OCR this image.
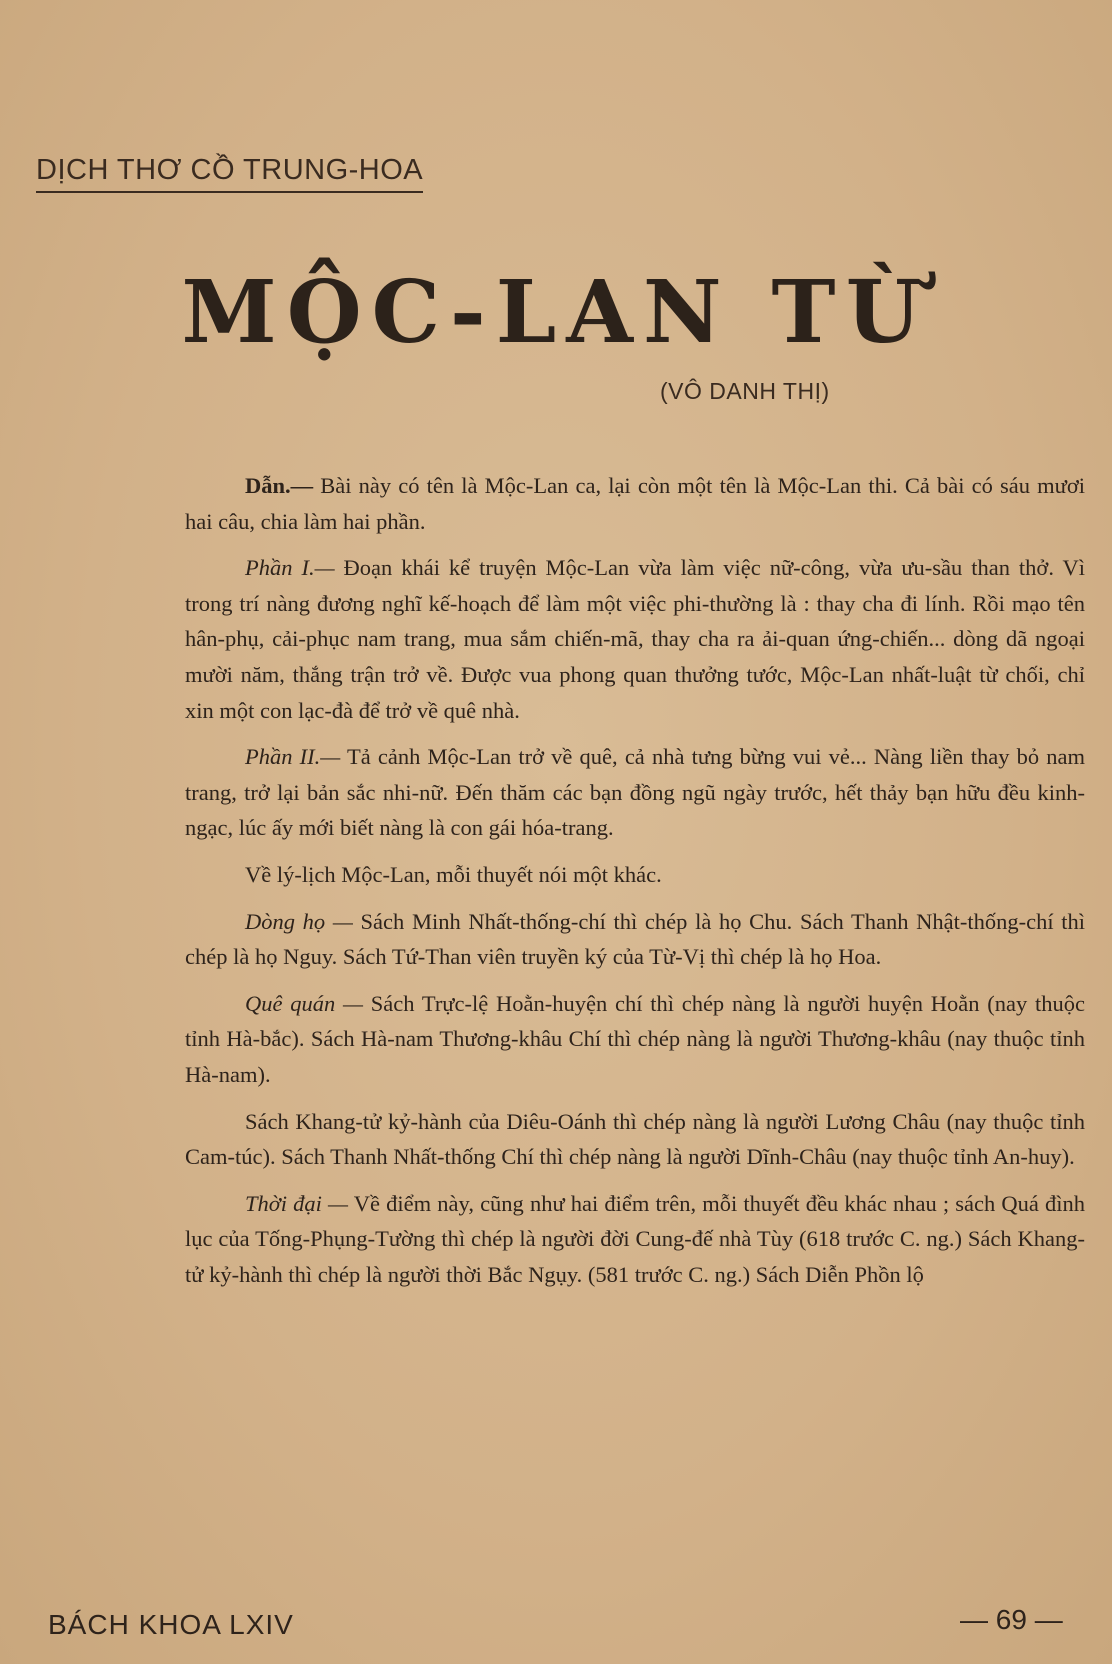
DỊCH THƠ CỒ TRUNG-HOA
MỘC-LAN TỪ
(VÔ DANH THỊ)

Dẫn.— Bài này có tên là Mộc-Lan ca, lại còn một tên là Mộc-Lan thi. Cả bài có sáu mươi hai câu, chia làm hai phần.

Phần I.— Đoạn khái kể truyện Mộc-Lan vừa làm việc nữ-công, vừa ưu-sầu than thở. Vì trong trí nàng đương nghĩ kế-hoạch để làm một việc phi-thường là : thay cha đi lính. Rồi mạo tên hân-phụ, cải-phục nam trang, mua sắm chiến-mã, thay cha ra ải-quan ứng-chiến... dòng dã ngoại mười năm, thắng trận trở về. Được vua phong quan thưởng tước, Mộc-Lan nhất-luật từ chối, chỉ xin một con lạc-đà để trở về quê nhà.

Phần II.— Tả cảnh Mộc-Lan trở về quê, cả nhà tưng bừng vui vẻ... Nàng liền thay bỏ nam trang, trở lại bản sắc nhi-nữ. Đến thăm các bạn đồng ngũ ngày trước, hết thảy bạn hữu đều kinh-ngạc, lúc ấy mới biết nàng là con gái hóa-trang.

Về lý-lịch Mộc-Lan, mỗi thuyết nói một khác.

Dòng họ — Sách Minh Nhất-thống-chí thì chép là họ Chu. Sách Thanh Nhật-thống-chí thì chép là họ Nguy. Sách Tứ-Than viên truyền ký của Từ-Vị thì chép là họ Hoa.

Quê quán — Sách Trực-lệ Hoằn-huyện chí thì chép nàng là người huyện Hoằn (nay thuộc tỉnh Hà-bắc). Sách Hà-nam Thương-khâu Chí thì chép nàng là người Thương-khâu (nay thuộc tỉnh Hà-nam).

Sách Khang-tử kỷ-hành của Diêu-Oánh thì chép nàng là người Lương Châu (nay thuộc tỉnh Cam-túc). Sách Thanh Nhất-thống Chí thì chép nàng là người Dĩnh-Châu (nay thuộc tỉnh An-huy).

Thời đại — Về điểm này, cũng như hai điểm trên, mỗi thuyết đều khác nhau ; sách Quá đình lục của Tống-Phụng-Tường thì chép là người đời Cung-đế nhà Tùy (618 trước C. ng.) Sách Khang-tử kỷ-hành thì chép là người thời Bắc Ngụy. (581 trước C. ng.) Sách Diễn Phồn lộ

BÁCH KHOA LXIV	— 69 —
